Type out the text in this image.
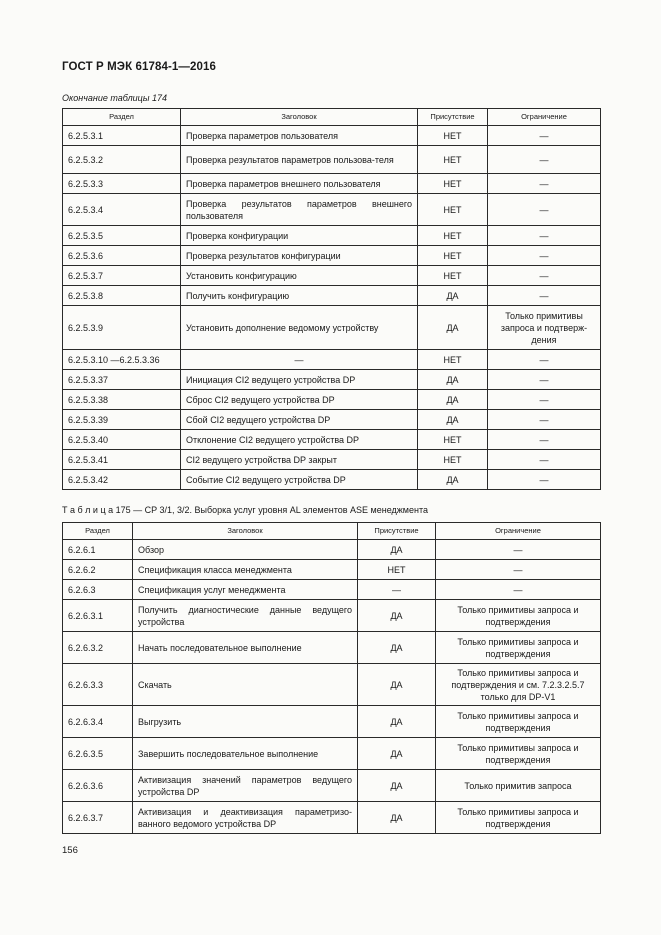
ГОСТ Р МЭК 61784-1—2016
Окончание таблицы 174
Раздел	Заголовок	Присутствие	Ограничение
6.2.5.3.1	Проверка параметров пользователя	НЕТ	—
6.2.5.3.2	Проверка результатов параметров пользова-теля	НЕТ	—
6.2.5.3.3	Проверка параметров внешнего пользователя	НЕТ	—
6.2.5.3.4	Проверка результатов параметров внешнего пользователя	НЕТ	—
6.2.5.3.5	Проверка конфигурации	НЕТ	—
6.2.5.3.6	Проверка результатов конфигурации	НЕТ	—
6.2.5.3.7	Установить конфигурацию	НЕТ	—
6.2.5.3.8	Получить конфигурацию	ДА	—
6.2.5.3.9	Установить дополнение ведомому устройству	ДА	Только примитивы запроса и подтверж-дения
6.2.5.3.10 —6.2.5.3.36	—	НЕТ	—
6.2.5.3.37	Инициация CI2 ведущего устройства DP	ДА	—
6.2.5.3.38	Сброс CI2 ведущего устройства DP	ДА	—
6.2.5.3.39	Сбой CI2 ведущего устройства DP	ДА	—
6.2.5.3.40	Отклонение CI2 ведущего устройства DP	НЕТ	—
6.2.5.3.41	CI2 ведущего устройства DP закрыт	НЕТ	—
6.2.5.3.42	Событие CI2 ведущего устройства DP	ДА	—
Т а б л и ц а 175 — CP 3/1, 3/2. Выборка услуг уровня AL элементов ASE менеджмента
Раздел	Заголовок	Присутствие	Ограничение
6.2.6.1	Обзор	ДА	—
6.2.6.2	Спецификация класса менеджмента	НЕТ	—
6.2.6.3	Спецификация услуг менеджмента	—	—
6.2.6.3.1	Получить диагностические данные ведущего устройства	ДА	Только примитивы запроса и подтверждения
6.2.6.3.2	Начать последовательное выполнение	ДА	Только примитивы запроса и подтверждения
6.2.6.3.3	Скачать	ДА	Только примитивы запроса и подтверждения и см. 7.2.3.2.5.7 только для DP-V1
6.2.6.3.4	Выгрузить	ДА	Только примитивы запроса и подтверждения
6.2.6.3.5	Завершить последовательное выполнение	ДА	Только примитивы запроса и подтверждения
6.2.6.3.6	Активизация значений параметров ведущего устройства DP	ДА	Только примитив запроса
6.2.6.3.7	Активизация и деактивизация параметризо-ванного ведомого устройства DP	ДА	Только примитивы запроса и подтверждения
156
